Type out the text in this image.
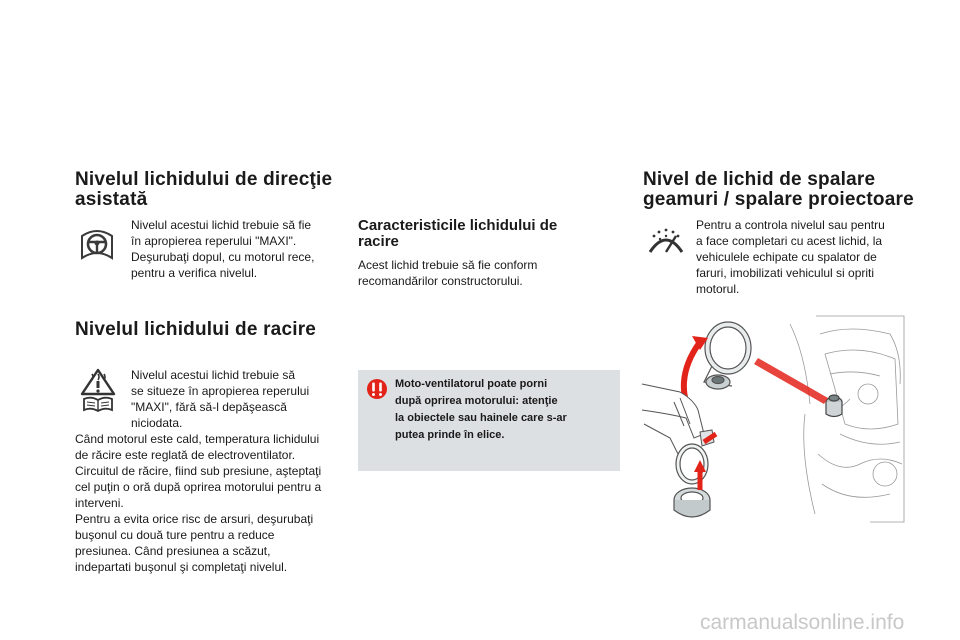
Nivelul lichidului de direcţie
asistată
Nivelul acestui lichid trebuie să fie
în apropierea reperului "MAXI".
Deşurubaţi dopul, cu motorul rece,
pentru a verifica nivelul.
Nivelul lichidului de racire
Nivelul acestui lichid trebuie să
se situeze în apropierea reperului
"MAXI", fără să-l depăşească
niciodata.
Când motorul este cald, temperatura lichidului
de răcire este reglată de electroventilator.
Circuitul de răcire, fiind sub presiune, aşteptaţi
cel puţin o oră după oprirea motorului pentru a
interveni.
Pentru a evita orice risc de arsuri, deşurubaţi
buşonul cu două ture pentru a reduce
presiunea. Când presiunea a scăzut,
indepartati buşonul şi completaţi nivelul.
Caracteristicile lichidului de
racire
Acest lichid trebuie să fie conform
recomandărilor constructorului.
Moto-ventilatorul poate porni
după oprirea motorului: atenţie
la obiectele sau hainele care s-ar
putea prinde în elice.
Nivel de lichid de spalare
geamuri / spalare proiectoare
Pentru a controla nivelul sau pentru
a face completari cu acest lichid, la
vehiculele echipate cu spalator de
faruri, imobilizati vehiculul si opriti
motorul.
carmanualsonline.info
